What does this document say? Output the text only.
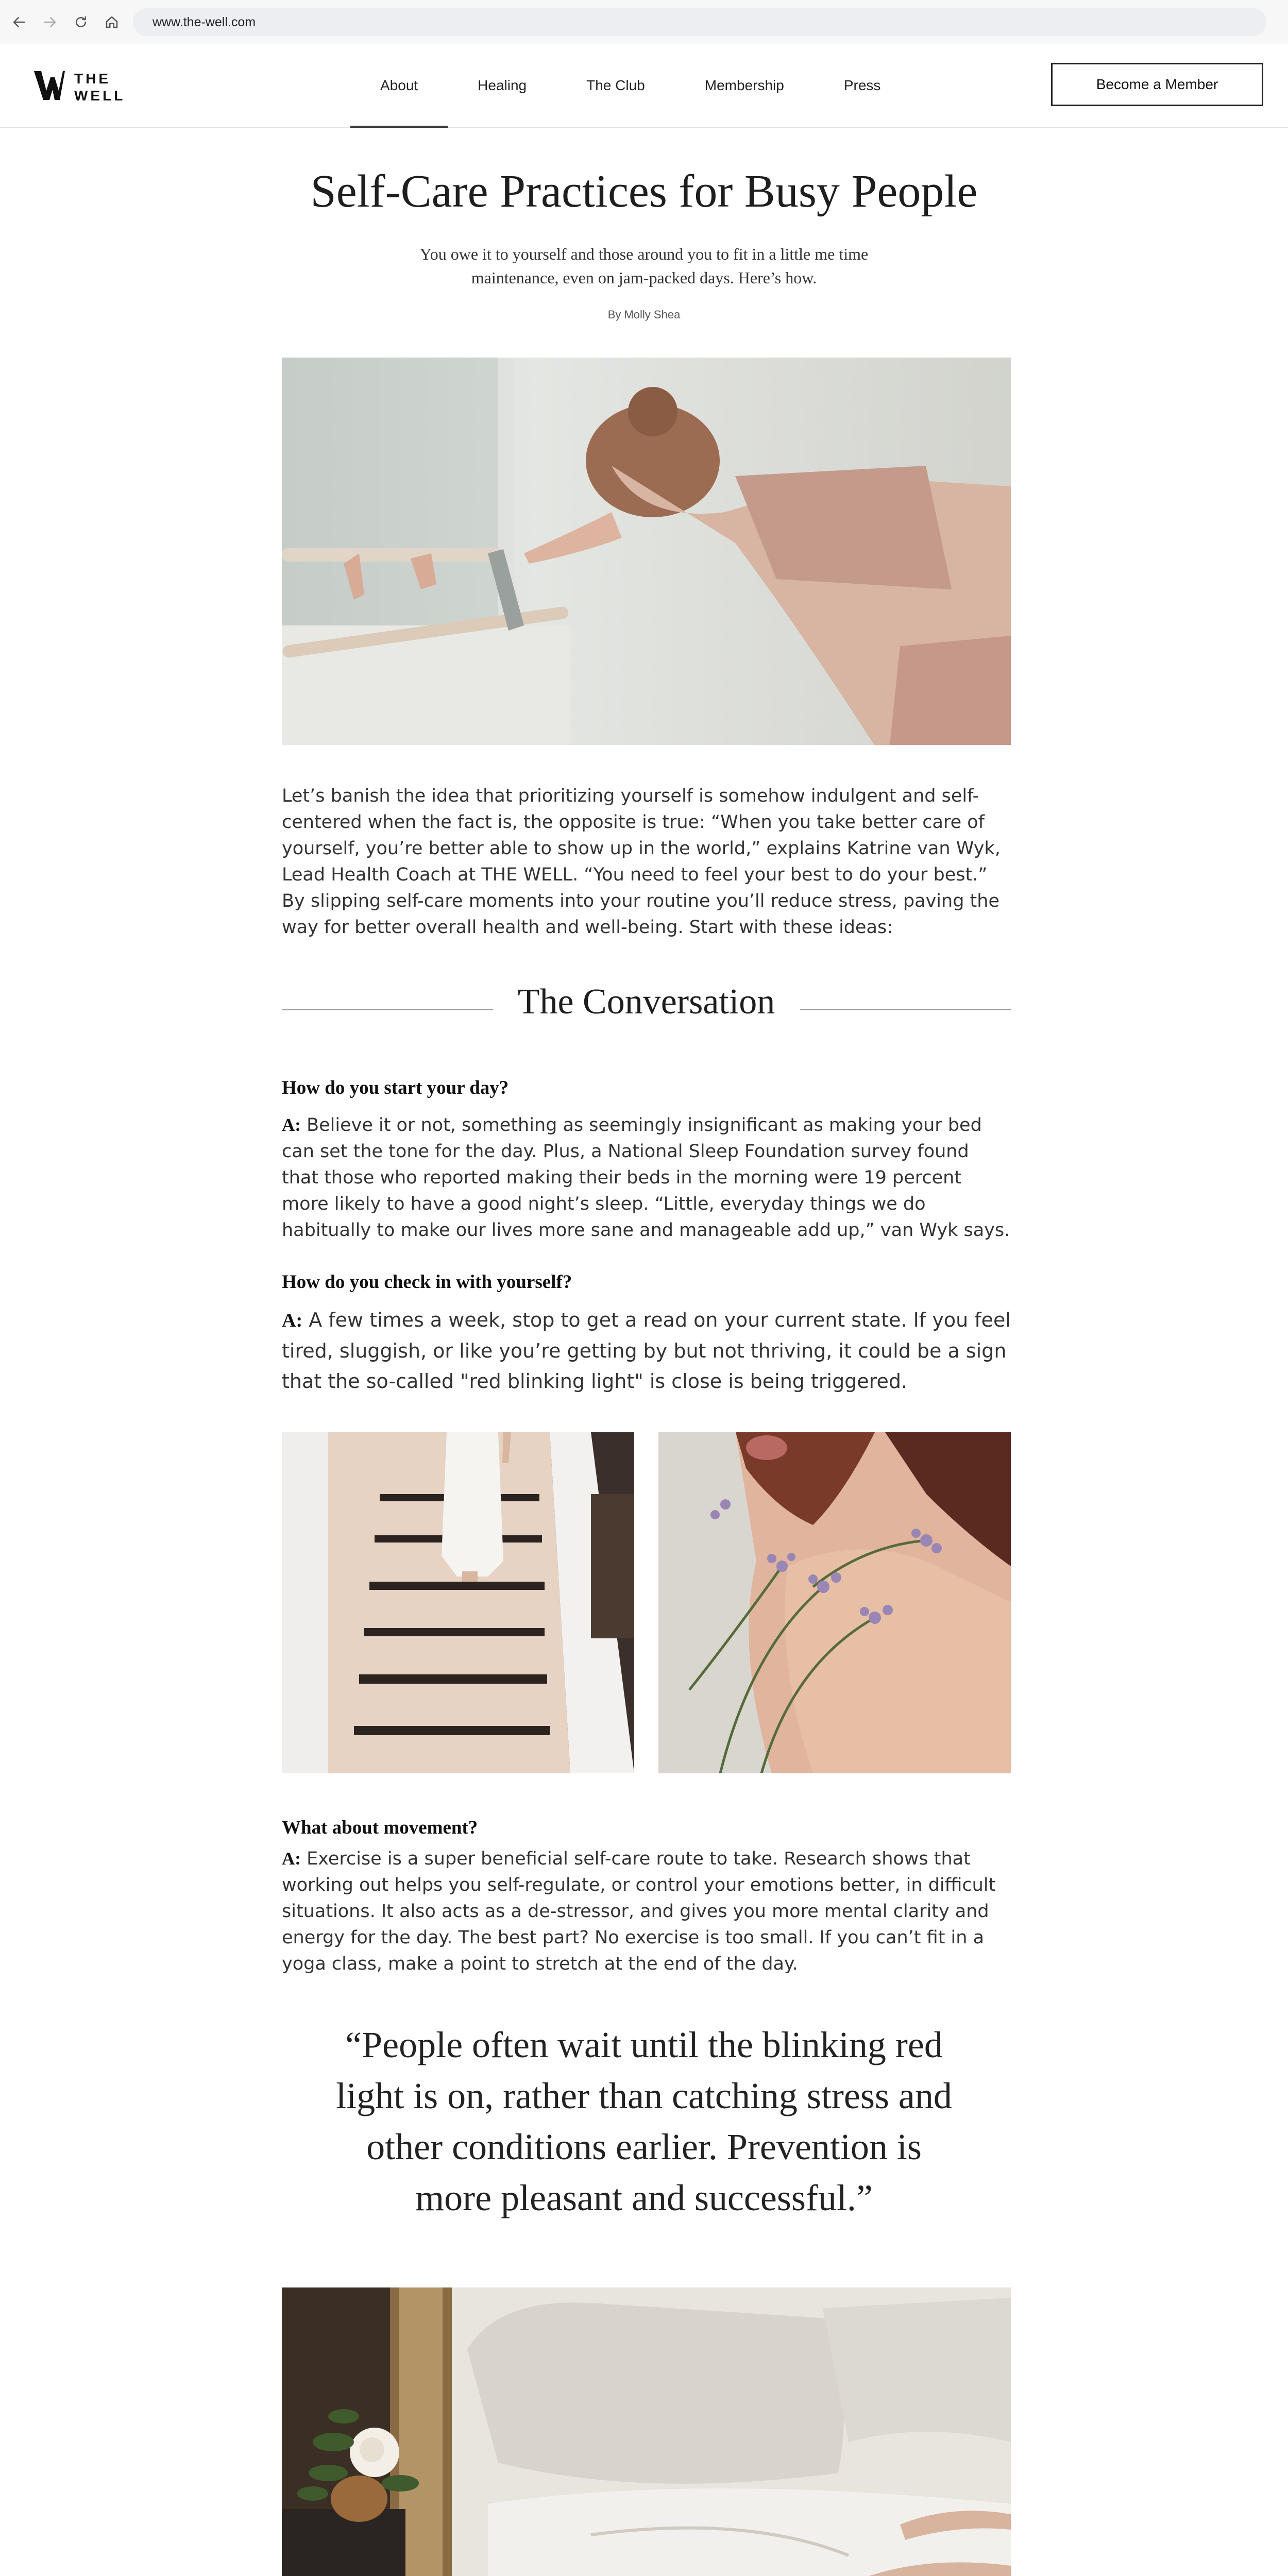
www.the-well.com
THE
WELL
About	Healing	The Club	Membership	Press	Become a Member
Self-Care Practices for Busy People
You owe it to yourself and those around you to fit in a little me time maintenance, even on jam-packed days. Here’s how.
By Molly Shea

Let’s banish the idea that prioritizing yourself is somehow indulgent and self-centered when the fact is, the opposite is true: “When you take better care of yourself, you’re better able to show up in the world,” explains Katrine van Wyk, Lead Health Coach at THE WELL. “You need to feel your best to do your best.” By slipping self-care moments into your routine you’ll reduce stress, paving the way for better overall health and well-being. Start with these ideas:

The Conversation
How do you start your day?

A: Believe it or not, something as seemingly insignificant as making your bed can set the tone for the day. Plus, a National Sleep Foundation survey found that those who reported making their beds in the morning were 19 percent more likely to have a good night’s sleep. “Little, everyday things we do habitually to make our lives more sane and manageable add up,” van Wyk says.

How do you check in with yourself?

A: A few times a week, stop to get a read on your current state. If you feel tired, sluggish, or like you’re getting by but not thriving, it could be a sign that the so-called "red blinking light" is close is being triggered.

What about movement?

A: Exercise is a super beneficial self-care route to take. Research shows that working out helps you self-regulate, or control your emotions better, in difficult situations. It also acts as a de-stressor, and gives you more mental clarity and energy for the day. The best part? No exercise is too small. If you can’t fit in a yoga class, make a point to stretch at the end of the day.

“People often wait until the blinking red light is on, rather than catching stress and other conditions earlier. Prevention is more pleasant and successful.”
